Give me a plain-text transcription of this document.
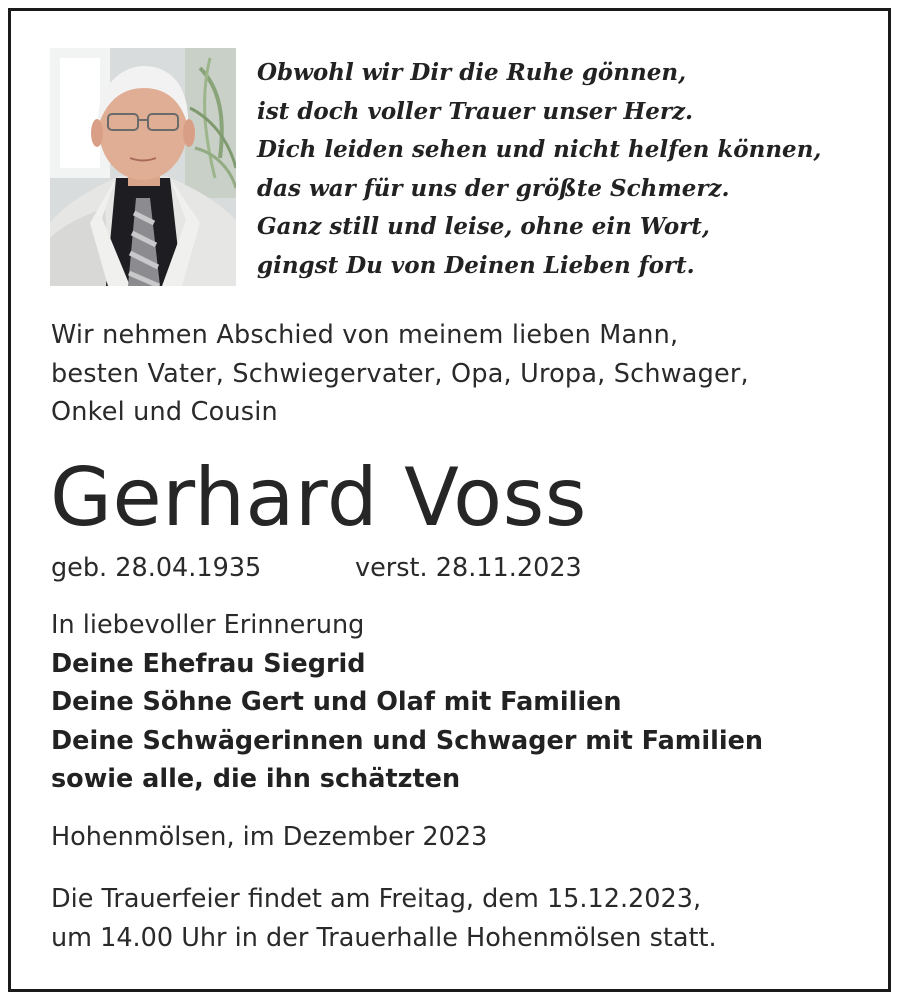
Obwohl wir Dir die Ruhe gönnen,
ist doch voller Trauer unser Herz.
Dich leiden sehen und nicht helfen können,
das war für uns der größte Schmerz.
Ganz still und leise, ohne ein Wort,
gingst Du von Deinen Lieben fort.
Wir nehmen Abschied von meinem lieben Mann,
besten Vater, Schwiegervater, Opa, Uropa, Schwager,
Onkel und Cousin
Gerhard Voss
geb. 28.04.1935	verst. 28.11.2023
In liebevoller Erinnerung
Deine Ehefrau Siegrid
Deine Söhne Gert und Olaf mit Familien
Deine Schwägerinnen und Schwager mit Familien
sowie alle, die ihn schätzten
Hohenmölsen, im Dezember 2023
Die Trauerfeier findet am Freitag, dem 15.12.2023,
um 14.00 Uhr in der Trauerhalle Hohenmölsen statt.
